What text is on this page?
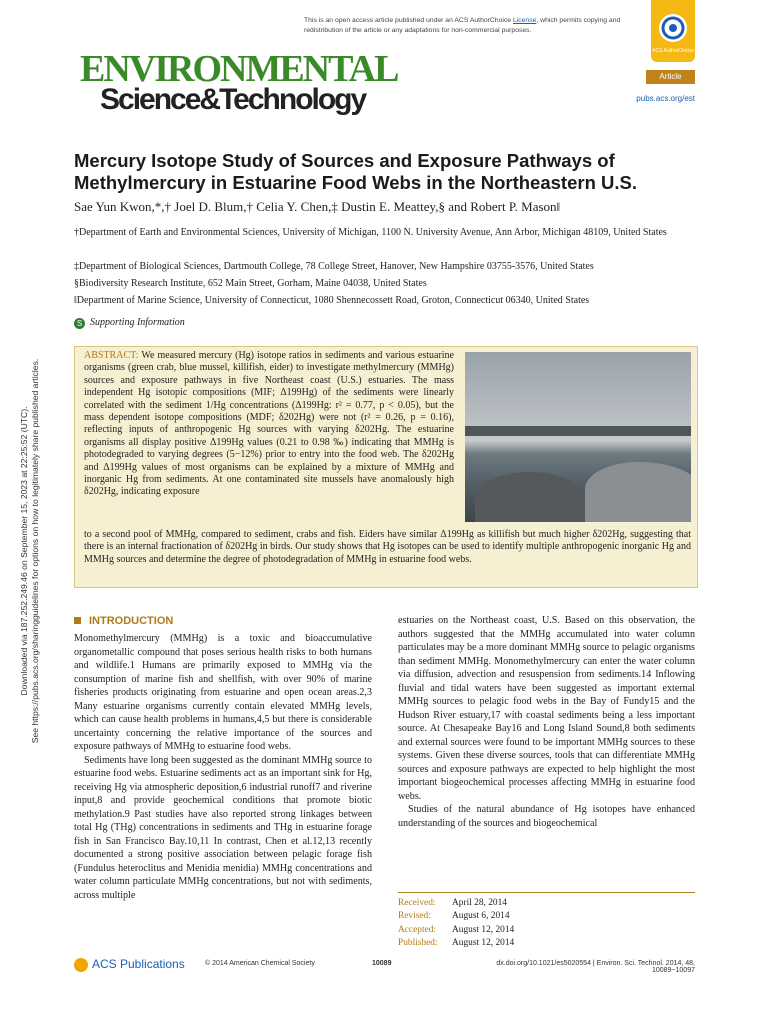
Downloaded via 187.252.249.46 on September 15, 2023 at 22:25:52 (UTC). See https://pubs.acs.org/sharingguidelines for options on how to legitimately share published articles.
This is an open access article published under an ACS AuthorChoice License, which permits copying and redistribution of the article or any adaptations for non-commercial purposes.
ACS AuthorChoice
ENVIRONMENTAL
Science&Technology
Article
pubs.acs.org/est
Mercury Isotope Study of Sources and Exposure Pathways of Methylmercury in Estuarine Food Webs in the Northeastern U.S.
Sae Yun Kwon,*,† Joel D. Blum,† Celia Y. Chen,‡ Dustin E. Meattey,§ and Robert P. Mason‖
†Department of Earth and Environmental Sciences, University of Michigan, 1100 N. University Avenue, Ann Arbor, Michigan 48109, United States
‡Department of Biological Sciences, Dartmouth College, 78 College Street, Hanover, New Hampshire 03755-3576, United States
§Biodiversity Research Institute, 652 Main Street, Gorham, Maine 04038, United States
‖Department of Marine Science, University of Connecticut, 1080 Shennecossett Road, Groton, Connecticut 06340, United States
S Supporting Information
ABSTRACT: We measured mercury (Hg) isotope ratios in sediments and various estuarine organisms (green crab, blue mussel, killifish, eider) to investigate methylmercury (MMHg) sources and exposure pathways in five Northeast coast (U.S.) estuaries. The mass independent Hg isotopic compositions (MIF; Δ199Hg) of the sediments were linearly correlated with the sediment 1/Hg concentrations (Δ199Hg: r² = 0.77, p < 0.05), but the mass dependent isotope compositions (MDF; δ202Hg) were not (r² = 0.26, p = 0.16), reflecting inputs of anthropogenic Hg sources with varying δ202Hg. The estuarine organisms all display positive Δ199Hg values (0.21 to 0.98 ‰) indicating that MMHg is photodegraded to varying degrees (5−12%) prior to entry into the food web. The δ202Hg and Δ199Hg values of most organisms can be explained by a mixture of MMHg and inorganic Hg from sediments. At one contaminated site mussels have anomalously high δ202Hg, indicating exposure
to a second pool of MMHg, compared to sediment, crabs and fish. Eiders have similar Δ199Hg as killifish but much higher δ202Hg, suggesting that there is an internal fractionation of δ202Hg in birds. Our study shows that Hg isotopes can be used to identify multiple anthropogenic inorganic Hg and MMHg sources and determine the degree of photodegradation of MMHg in estuarine food webs.
INTRODUCTION

Monomethylmercury (MMHg) is a toxic and bioaccumulative organometallic compound that poses serious health risks to both humans and wildlife.1 Humans are primarily exposed to MMHg via the consumption of marine fish and shellfish, with over 90% of marine fisheries products originating from estuarine and open ocean areas.2,3 Many estuarine organisms currently contain elevated MMHg levels, which can cause health problems in humans,4,5 but there is considerable uncertainty concerning the relative importance of the sources and exposure pathways of MMHg to estuarine food webs.

Sediments have long been suggested as the dominant MMHg source to estuarine food webs. Estuarine sediments act as an important sink for Hg, receiving Hg via atmospheric deposition,6 industrial runoff7 and riverine input,8 and provide geochemical conditions that promote biotic methylation.9 Past studies have also reported strong linkages between total Hg (THg) concentrations in sediments and THg in estuarine forage fish in San Francisco Bay.10,11 In contrast, Chen et al.12,13 recently documented a strong positive association between pelagic forage fish (Fundulus heteroclitus and Menidia menidia) MMHg concentrations and water column particulate MMHg concentrations, but not with sediments, across multiple

estuaries on the Northeast coast, U.S. Based on this observation, the authors suggested that the MMHg accumulated into water column particulates may be a more dominant MMHg source to pelagic organisms than sediment MMHg. Monomethylmercury can enter the water column via diffusion, advection and resuspension from sediments.14 Inflowing fluvial and tidal waters have been suggested as important external MMHg sources to pelagic food webs in the Bay of Fundy15 and the Hudson River estuary,17 with coastal sediments being a less important source. At Chesapeake Bay16 and Long Island Sound,8 both sediments and external sources were found to be important MMHg sources to these systems. Given these diverse sources, tools that can differentiate MMHg sources and exposure pathways are expected to help highlight the most important biogeochemical processes affecting MMHg in estuarine food webs.

Studies of the natural abundance of Hg isotopes have enhanced understanding of the sources and biogeochemical

Received: April 28, 2014
Revised: August 6, 2014
Accepted: August 12, 2014
Published: August 12, 2014
ACS Publications	© 2014 American Chemical Society	10089	dx.doi.org/10.1021/es5020554 | Environ. Sci. Technol. 2014, 48, 10089−10097
